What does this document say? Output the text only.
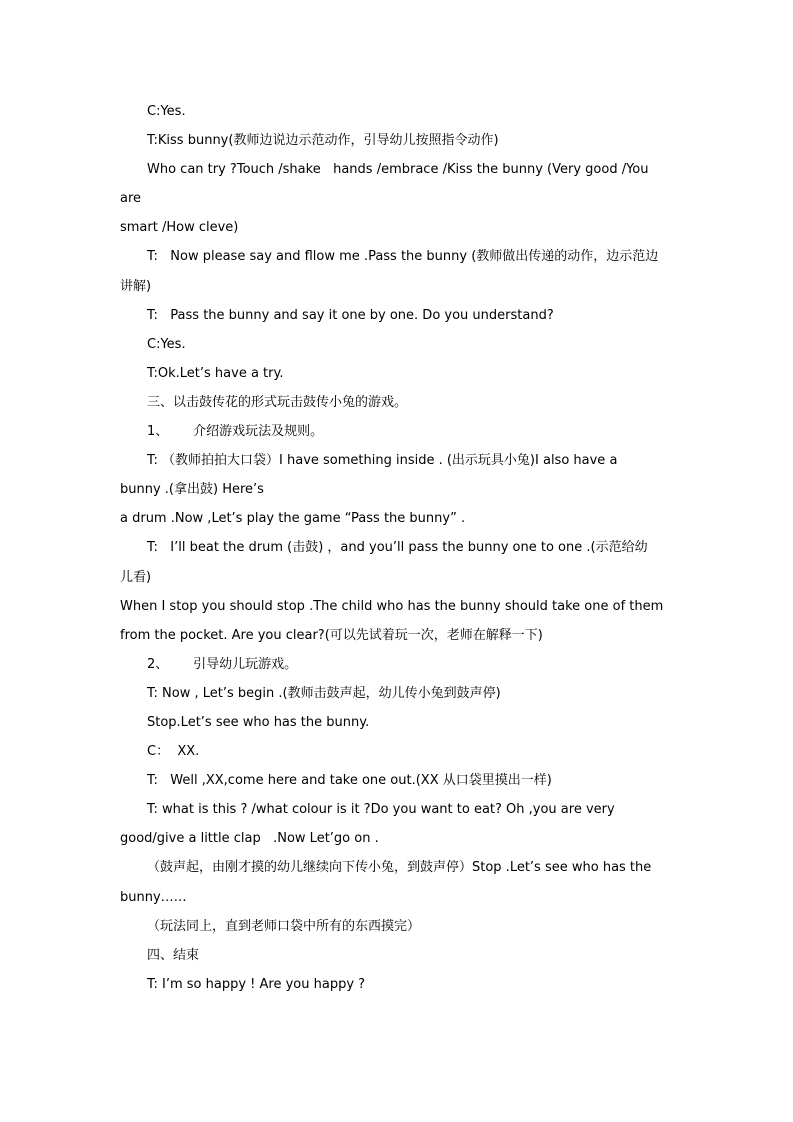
C:Yes.
T:Kiss bunny(教师边说边示范动作，引导幼儿按照指令动作)
Who can try ?Touch /shake   hands /embrace /Kiss the bunny (Very good /You
are
smart /How cleve)
T:   Now please say and fllow me .Pass the bunny (教师做出传递的动作，边示范边
讲解)
T:   Pass the bunny and say it one by one. Do you understand?
C:Yes.
T:Ok.Let’s have a try.
三、以击鼓传花的形式玩击鼓传小兔的游戏。
1、      介绍游戏玩法及规则。
T: （教师拍拍大口袋）I have something inside . (出示玩具小兔)I also have a
bunny .(拿出鼓) Here’s
a drum .Now ,Let’s play the game “Pass the bunny” .
T:   I’ll beat the drum (击鼓) ，and you’ll pass the bunny one to one .(示范给幼
儿看)
When I stop you should stop .The child who has the bunny should take one of them
from the pocket. Are you clear?(可以先试着玩一次，老师在解释一下)
2、      引导幼儿玩游戏。
T: Now , Let’s begin .(教师击鼓声起，幼儿传小兔到鼓声停)
Stop.Let’s see who has the bunny.
C：  XX.
T:   Well ,XX,come here and take one out.(XX 从口袋里摸出一样)
T: what is this ? /what colour is it ?Do you want to eat? Oh ,you are very
good/give a little clap   .Now Let’go on .
（鼓声起，由刚才摸的幼儿继续向下传小兔，到鼓声停）Stop .Let’s see who has the
bunny……
（玩法同上，直到老师口袋中所有的东西摸完）
四、结束
T: I’m so happy ! Are you happy ?
